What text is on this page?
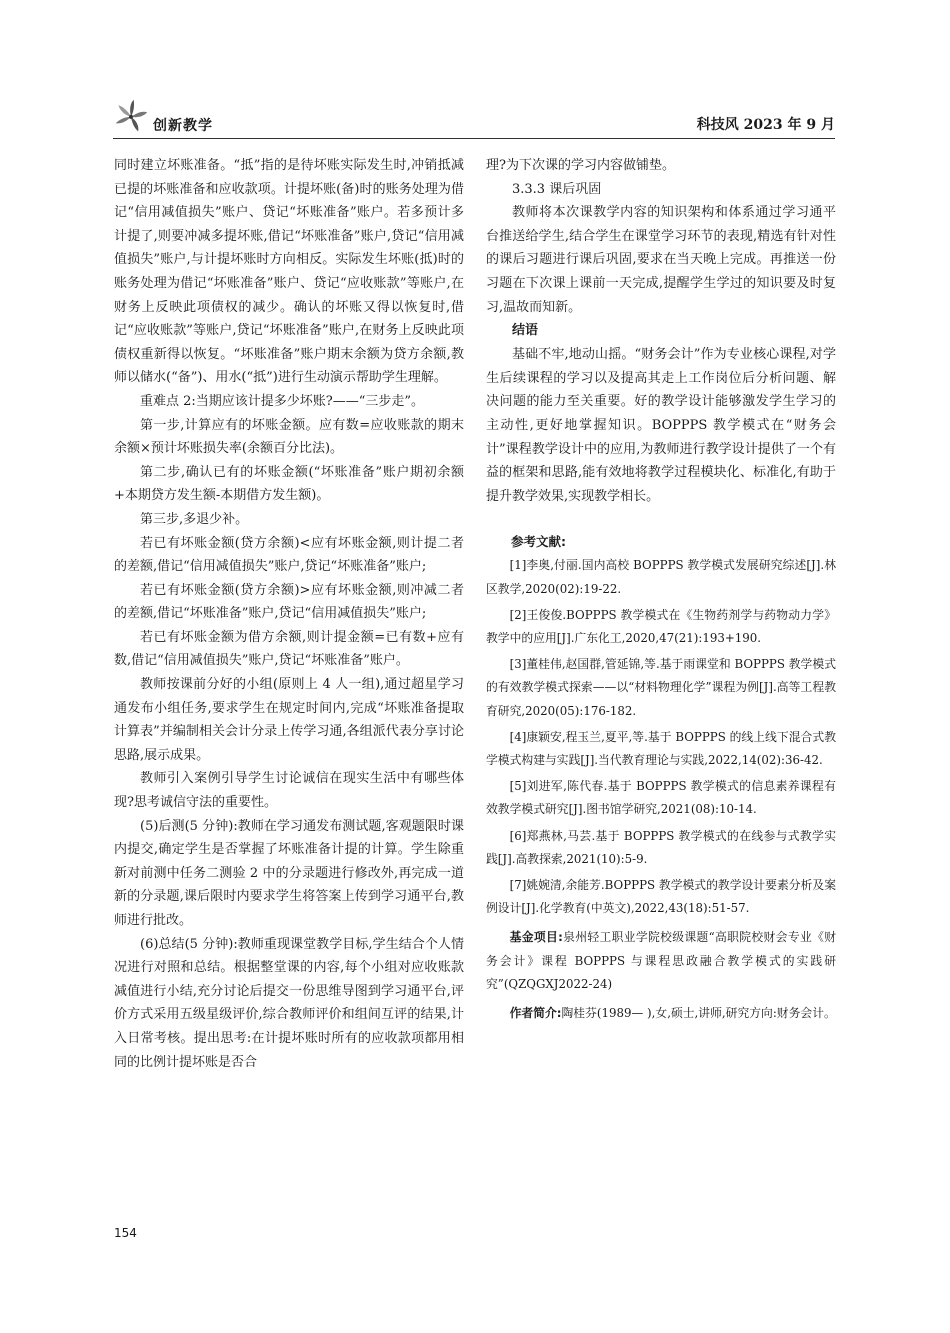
创新教学	科技风 2023 年 9 月

同时建立坏账准备。“抵”指的是待坏账实际发生时,冲销抵减已提的坏账准备和应收款项。计提坏账(备)时的账务处理为借记“信用减值损失”账户、贷记“坏账准备”账户。若多预计多计提了,则要冲减多提坏账,借记“坏账准备”账户,贷记“信用减值损失”账户,与计提坏账时方向相反。实际发生坏账(抵)时的账务处理为借记“坏账准备”账户、贷记“应收账款”等账户,在财务上反映此项债权的减少。确认的坏账又得以恢复时,借记“应收账款”等账户,贷记“坏账准备”账户,在财务上反映此项债权重新得以恢复。“坏账准备”账户期末余额为贷方余额,教师以储水(“备”)、用水(“抵”)进行生动演示帮助学生理解。

重难点 2:当期应该计提多少坏账?——“三步走”。

第一步,计算应有的坏账金额。应有数=应收账款的期末余额×预计坏账损失率(余额百分比法)。

第二步,确认已有的坏账金额(“坏账准备”账户期初余额+本期贷方发生额-本期借方发生额)。

第三步,多退少补。

若已有坏账金额(贷方余额)<应有坏账金额,则计提二者的差额,借记“信用减值损失”账户,贷记“坏账准备”账户;

若已有坏账金额(贷方余额)>应有坏账金额,则冲减二者的差额,借记“坏账准备”账户,贷记“信用减值损失”账户;

若已有坏账金额为借方余额,则计提金额=已有数+应有数,借记“信用减值损失”账户,贷记“坏账准备”账户。

教师按课前分好的小组(原则上 4 人一组),通过超星学习通发布小组任务,要求学生在规定时间内,完成“坏账准备提取计算表”并编制相关会计分录上传学习通,各组派代表分享讨论思路,展示成果。

教师引入案例引导学生讨论诚信在现实生活中有哪些体现?思考诚信守法的重要性。

(5)后测(5 分钟):教师在学习通发布测试题,客观题限时课内提交,确定学生是否掌握了坏账准备计提的计算。学生除重新对前测中任务二测验 2 中的分录题进行修改外,再完成一道新的分录题,课后限时内要求学生将答案上传到学习通平台,教师进行批改。

(6)总结(5 分钟):教师重现课堂教学目标,学生结合个人情况进行对照和总结。根据整堂课的内容,每个小组对应收账款减值进行小结,充分讨论后提交一份思维导图到学习通平台,评价方式采用五级星级评价,综合教师评价和组间互评的结果,计入日常考核。提出思考:在计提坏账时所有的应收款项都用相同的比例计提坏账是否合

理?为下次课的学习内容做铺垫。

3.3.3 课后巩固

教师将本次课教学内容的知识架构和体系通过学习通平台推送给学生,结合学生在课堂学习环节的表现,精选有针对性的课后习题进行课后巩固,要求在当天晚上完成。再推送一份习题在下次课上课前一天完成,提醒学生学过的知识要及时复习,温故而知新。

结语

基础不牢,地动山摇。“财务会计”作为专业核心课程,对学生后续课程的学习以及提高其走上工作岗位后分析问题、解决问题的能力至关重要。好的教学设计能够激发学生学习的主动性,更好地掌握知识。BOPPPS 教学模式在“财务会计”课程教学设计中的应用,为教师进行教学设计提供了一个有益的框架和思路,能有效地将教学过程模块化、标准化,有助于提升教学效果,实现教学相长。

参考文献:

[1]李奥,付丽.国内高校 BOPPPS 教学模式发展研究综述[J].林区教学,2020(02):19-22.

[2]王俊俊.BOPPPS 教学模式在《生物药剂学与药物动力学》教学中的应用[J].广东化工,2020,47(21):193+190.

[3]董桂伟,赵国群,管延锦,等.基于雨课堂和 BOPPPS 教学模式的有效教学模式探索——以“材料物理化学”课程为例[J].高等工程教育研究,2020(05):176-182.

[4]康颖安,程玉兰,夏平,等.基于 BOPPPS 的线上线下混合式教学模式构建与实践[J].当代教育理论与实践,2022,14(02):36-42.

[5]刘进军,陈代春.基于 BOPPPS 教学模式的信息素养课程有效教学模式研究[J].图书馆学研究,2021(08):10-14.

[6]郑燕林,马芸.基于 BOPPPS 教学模式的在线参与式教学实践[J].高教探索,2021(10):5-9.

[7]姚婉清,余能芳.BOPPPS 教学模式的教学设计要素分析及案例设计[J].化学教育(中英文),2022,43(18):51-57.

基金项目:泉州轻工职业学院校级课题“高职院校财会专业《财务会计》课程 BOPPPS 与课程思政融合教学模式的实践研究”(QZQGXJ2022-24)

作者简介:陶桂芬(1989— ),女,硕士,讲师,研究方向:财务会计。

154
